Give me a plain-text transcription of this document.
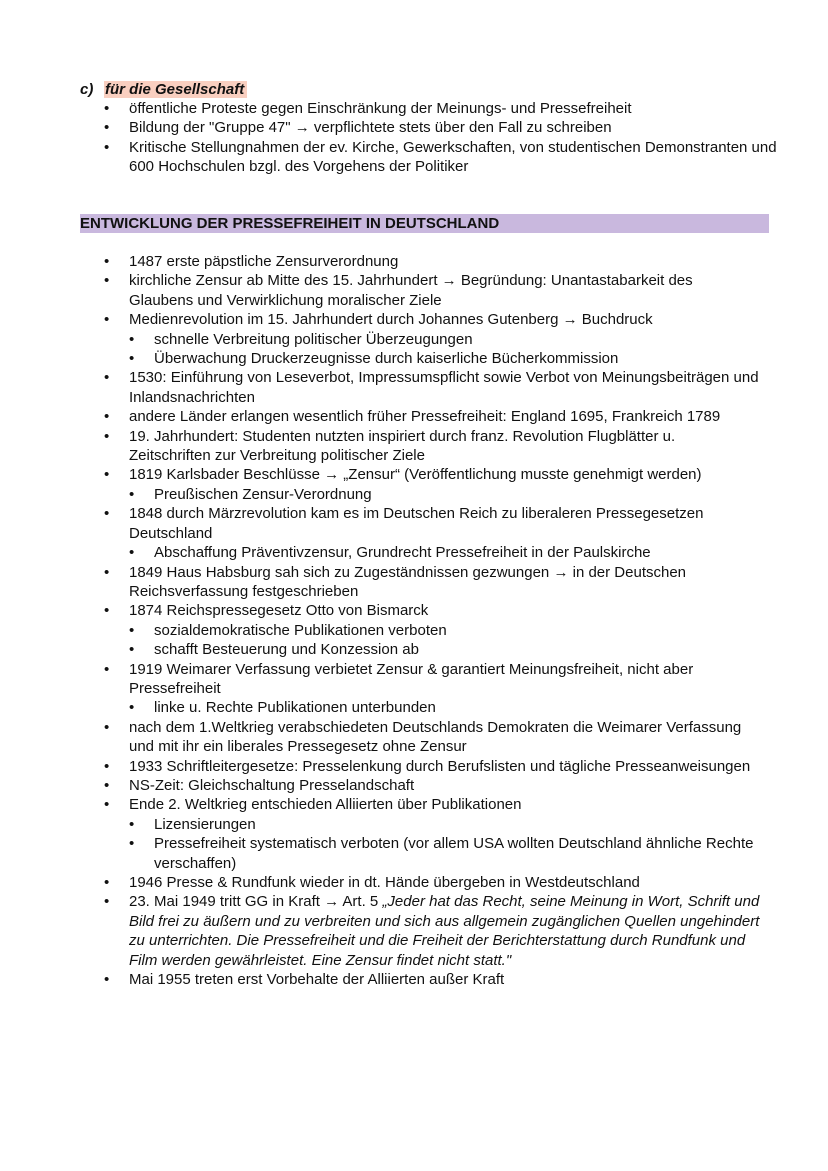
c) für die Gesellschaft
• öffentliche Proteste gegen Einschränkung der Meinungs- und Pressefreiheit
• Bildung der "Gruppe 47" → verpflichtete stets über den Fall zu schreiben
• Kritische Stellungnahmen der ev. Kirche, Gewerkschaften, von studentischen Demonstranten und 600 Hochschulen bzgl. des Vorgehens der Politiker
ENTWICKLUNG DER PRESSEFREIHEIT IN DEUTSCHLAND
• 1487 erste päpstliche Zensurverordnung
• kirchliche Zensur ab Mitte des 15. Jahrhundert → Begründung: Unantastabarkeit des Glaubens und Verwirklichung moralischer Ziele
• Medienrevolution im 15. Jahrhundert durch Johannes Gutenberg → Buchdruck
• schnelle Verbreitung politischer Überzeugungen
• Überwachung Druckerzeugnisse durch kaiserliche Bücherkommission
• 1530: Einführung von Leseverbot, Impressumspflicht sowie Verbot von Meinungsbeiträgen und Inlandsnachrichten
• andere Länder erlangen wesentlich früher Pressefreiheit: England 1695, Frankreich 1789
• 19. Jahrhundert: Studenten nutzten inspiriert durch franz. Revolution Flugblätter u. Zeitschriften zur Verbreitung politischer Ziele
• 1819 Karlsbader Beschlüsse → „Zensur“ (Veröffentlichung musste genehmigt werden)
• Preußischen Zensur-Verordnung
• 1848 durch Märzrevolution kam es im Deutschen Reich zu liberaleren Pressegesetzen Deutschland
• Abschaffung Präventivzensur, Grundrecht Pressefreiheit in der Paulskirche
• 1849 Haus Habsburg sah sich zu Zugeständnissen gezwungen → in der Deutschen Reichsverfassung festgeschrieben
• 1874 Reichspressegesetz Otto von Bismarck
• sozialdemokratische Publikationen verboten
• schafft Besteuerung und Konzession ab
• 1919 Weimarer Verfassung verbietet Zensur & garantiert Meinungsfreiheit, nicht aber Pressefreiheit
• linke u. Rechte Publikationen unterbunden
• nach dem 1.Weltkrieg verabschiedeten Deutschlands Demokraten die Weimarer Verfassung und mit ihr ein liberales Pressegesetz ohne Zensur
• 1933 Schriftleitergesetze: Presselenkung durch Berufslisten und tägliche Presseanweisungen
• NS-Zeit: Gleichschaltung Presselandschaft
• Ende 2. Weltkrieg entschieden Alliierten über Publikationen
• Lizensierungen
• Pressefreiheit systematisch verboten (vor allem USA wollten Deutschland ähnliche Rechte verschaffen)
• 1946 Presse & Rundfunk wieder in dt. Hände übergeben in Westdeutschland
• 23. Mai 1949 tritt GG in Kraft → Art. 5 „Jeder hat das Recht, seine Meinung in Wort, Schrift und Bild frei zu äußern und zu verbreiten und sich aus allgemein zugänglichen Quellen ungehindert zu unterrichten. Die Pressefreiheit und die Freiheit der Berichterstattung durch Rundfunk und Film werden gewährleistet. Eine Zensur findet nicht statt."
• Mai 1955 treten erst Vorbehalte der Alliierten außer Kraft
